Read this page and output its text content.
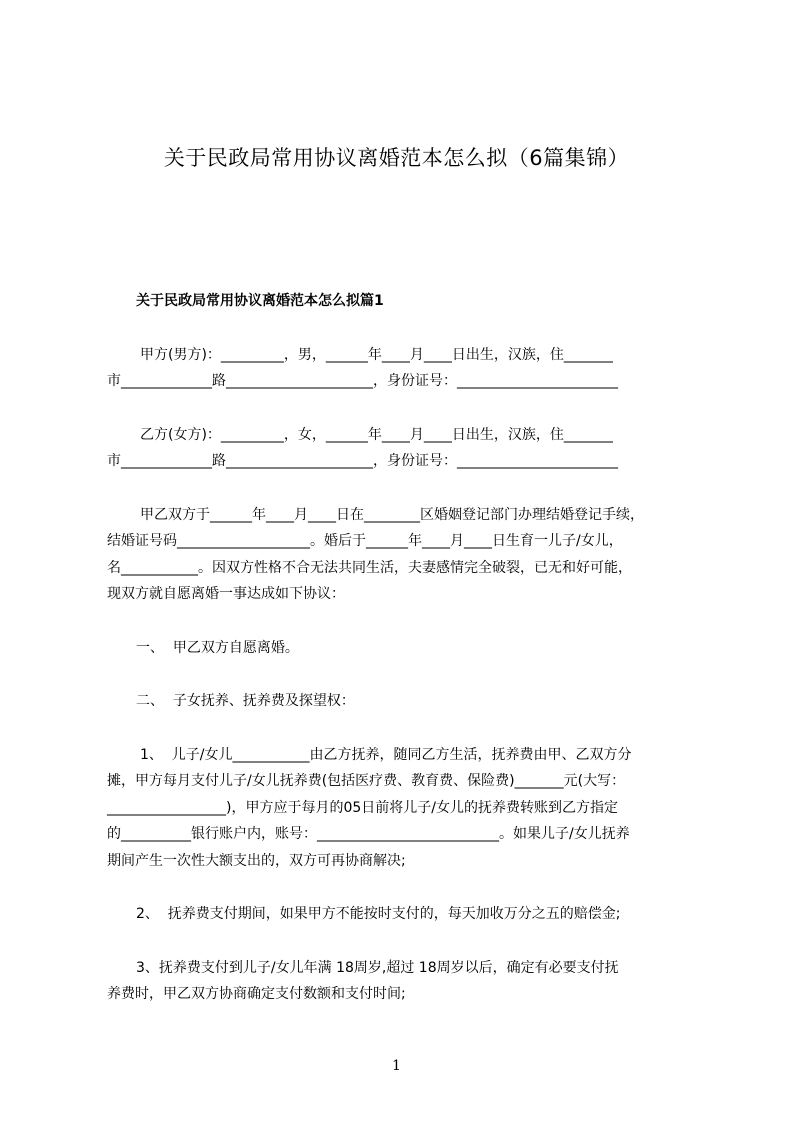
关于民政局常用协议离婚范本怎么拟（6篇集锦）
关于民政局常用协议离婚范本怎么拟篇1
甲方(男方)：_________，男，______年____月____日出生，汉族，住_______
市_____________路_____________________，身份证号：_______________________
乙方(女方)：_________，女，______年____月____日出生，汉族，住_______
市_____________路_____________________，身份证号：_______________________
甲乙双方于______年____月____日在________区婚姻登记部门办理结婚登记手续，
结婚证号码___________________。婚后于______年____月____日生育一儿子/女儿，
名___________。因双方性格不合无法共同生活，夫妻感情完全破裂，已无和好可能，
现双方就自愿离婚一事达成如下协议：
一、  甲乙双方自愿离婚。
二、  子女抚养、抚养费及探望权：
1、  儿子/女儿___________由乙方抚养，随同乙方生活，抚养费由甲、乙双方分
摊，甲方每月支付儿子/女儿抚养费(包括医疗费、教育费、保险费)_______元(大写：
_________________)，甲方应于每月的05日前将儿子/女儿的抚养费转账到乙方指定
的__________银行账户内，账号：__________________________。如果儿子/女儿抚养
期间产生一次性大额支出的，双方可再协商解决;
2、  抚养费支付期间，如果甲方不能按时支付的，每天加收万分之五的赔偿金;
3、抚养费支付到儿子/女儿年满 18周岁,超过 18周岁以后，确定有必要支付抚
养费时，甲乙双方协商确定支付数额和支付时间;
1
